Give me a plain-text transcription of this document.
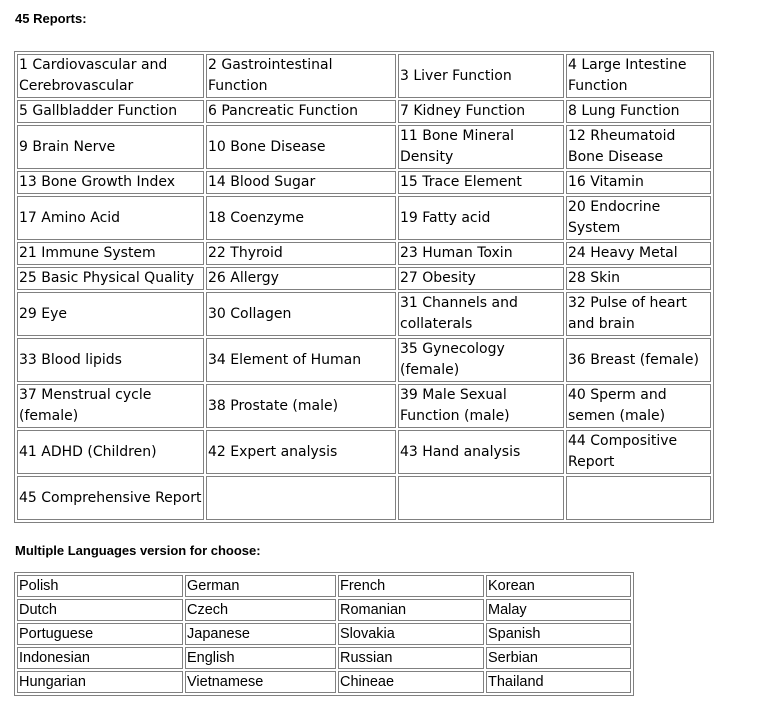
45 Reports:

1 Cardiovascular and Cerebrovascular	2 Gastrointestinal Function	3 Liver Function	4 Large Intestine Function
5 Gallbladder Function	6 Pancreatic Function	7 Kidney Function	8 Lung Function
9 Brain Nerve	10 Bone Disease	11 Bone Mineral Density	12 Rheumatoid Bone Disease
13 Bone Growth Index	14 Blood Sugar	15 Trace Element	16 Vitamin
17 Amino Acid	18 Coenzyme	19 Fatty acid	20 Endocrine System
21 Immune System	22 Thyroid	23 Human Toxin	24 Heavy Metal
25 Basic Physical Quality	26 Allergy	27 Obesity	28 Skin
29 Eye	30 Collagen	31 Channels and collaterals	32 Pulse of heart and brain
33 Blood lipids	34 Element of Human	35 Gynecology (female)	36 Breast (female)
37 Menstrual cycle (female)	38 Prostate (male)	39 Male Sexual Function (male)	40 Sperm and semen (male)
41 ADHD (Children)	42 Expert analysis	43 Hand analysis	44 Compositive Report
45 Comprehensive Report			

Multiple Languages version for choose:

Polish	German	French	Korean
Dutch	Czech	Romanian	Malay
Portuguese	Japanese	Slovakia	Spanish
Indonesian	English	Russian	Serbian
Hungarian	Vietnamese	Chineae	Thailand
